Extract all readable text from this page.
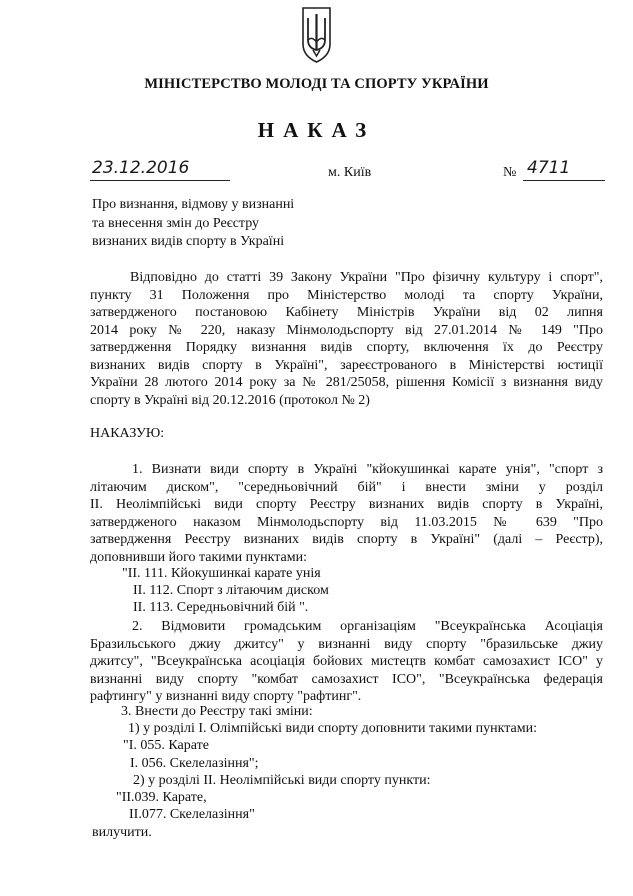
МІНІСТЕРСТВО МОЛОДІ ТА СПОРТУ УКРАЇНИ
НАКАЗ
23.12.2016	м. Київ	№ 4711
Про визнання, відмову у визнанні
та внесення змін до Реєстру
визнаних видів спорту в Україні
Відповідно до статті 39 Закону України "Про фізичну культуру і спорт",
пункту 31 Положення про Міністерство молоді та спорту України,
затвердженого постановою Кабінету Міністрів України від 02 липня
2014 року № 220, наказу Мінмолодьспорту від 27.01.2014 № 149 "Про
затвердження Порядку визнання видів спорту, включення їх до Реєстру
визнаних видів спорту в Україні", зареєстрованого в Міністерстві юстиції
України 28 лютого 2014 року за № 281/25058, рішення Комісії з визнання виду
спорту в Україні від 20.12.2016 (протокол № 2)
НАКАЗУЮ:
1. Визнати види спорту в Україні "кйокушинкаі карате унія", "спорт з
літаючим диском", "середньовічний бій" і внести зміни у розділ
ІІ. Неолімпійські види спорту Реєстру визнаних видів спорту в Україні,
затвердженого наказом Мінмолодьспорту від 11.03.2015 № 639 "Про
затвердження Реєстру визнаних видів спорту в Україні" (далі – Реєстр),
доповнивши його такими пунктами:
"ІІ. 111. Кйокушинкаі карате унія
ІІ. 112. Спорт з літаючим диском
ІІ. 113. Середньовічний бій ".
2. Відмовити громадським організаціям "Всеукраїнська Асоціація
Бразильського джиу джитсу" у визнанні виду спорту "бразильське джиу
джитсу", "Всеукраїнська асоціація бойових мистецтв комбат самозахист ІСО" у
визнанні виду спорту "комбат самозахист ІСО", "Всеукраїнська федерація
рафтингу" у визнанні виду спорту "рафтинг".
3. Внести до Реєстру такі зміни:
1) у розділі І. Олімпійські види спорту доповнити такими пунктами:
"І. 055. Карате
І. 056. Скелелазіння";
2) у розділі ІІ. Неолімпійські види спорту пункти:
"ІІ.039. Карате,
ІІ.077. Скелелазіння"
вилучити.
